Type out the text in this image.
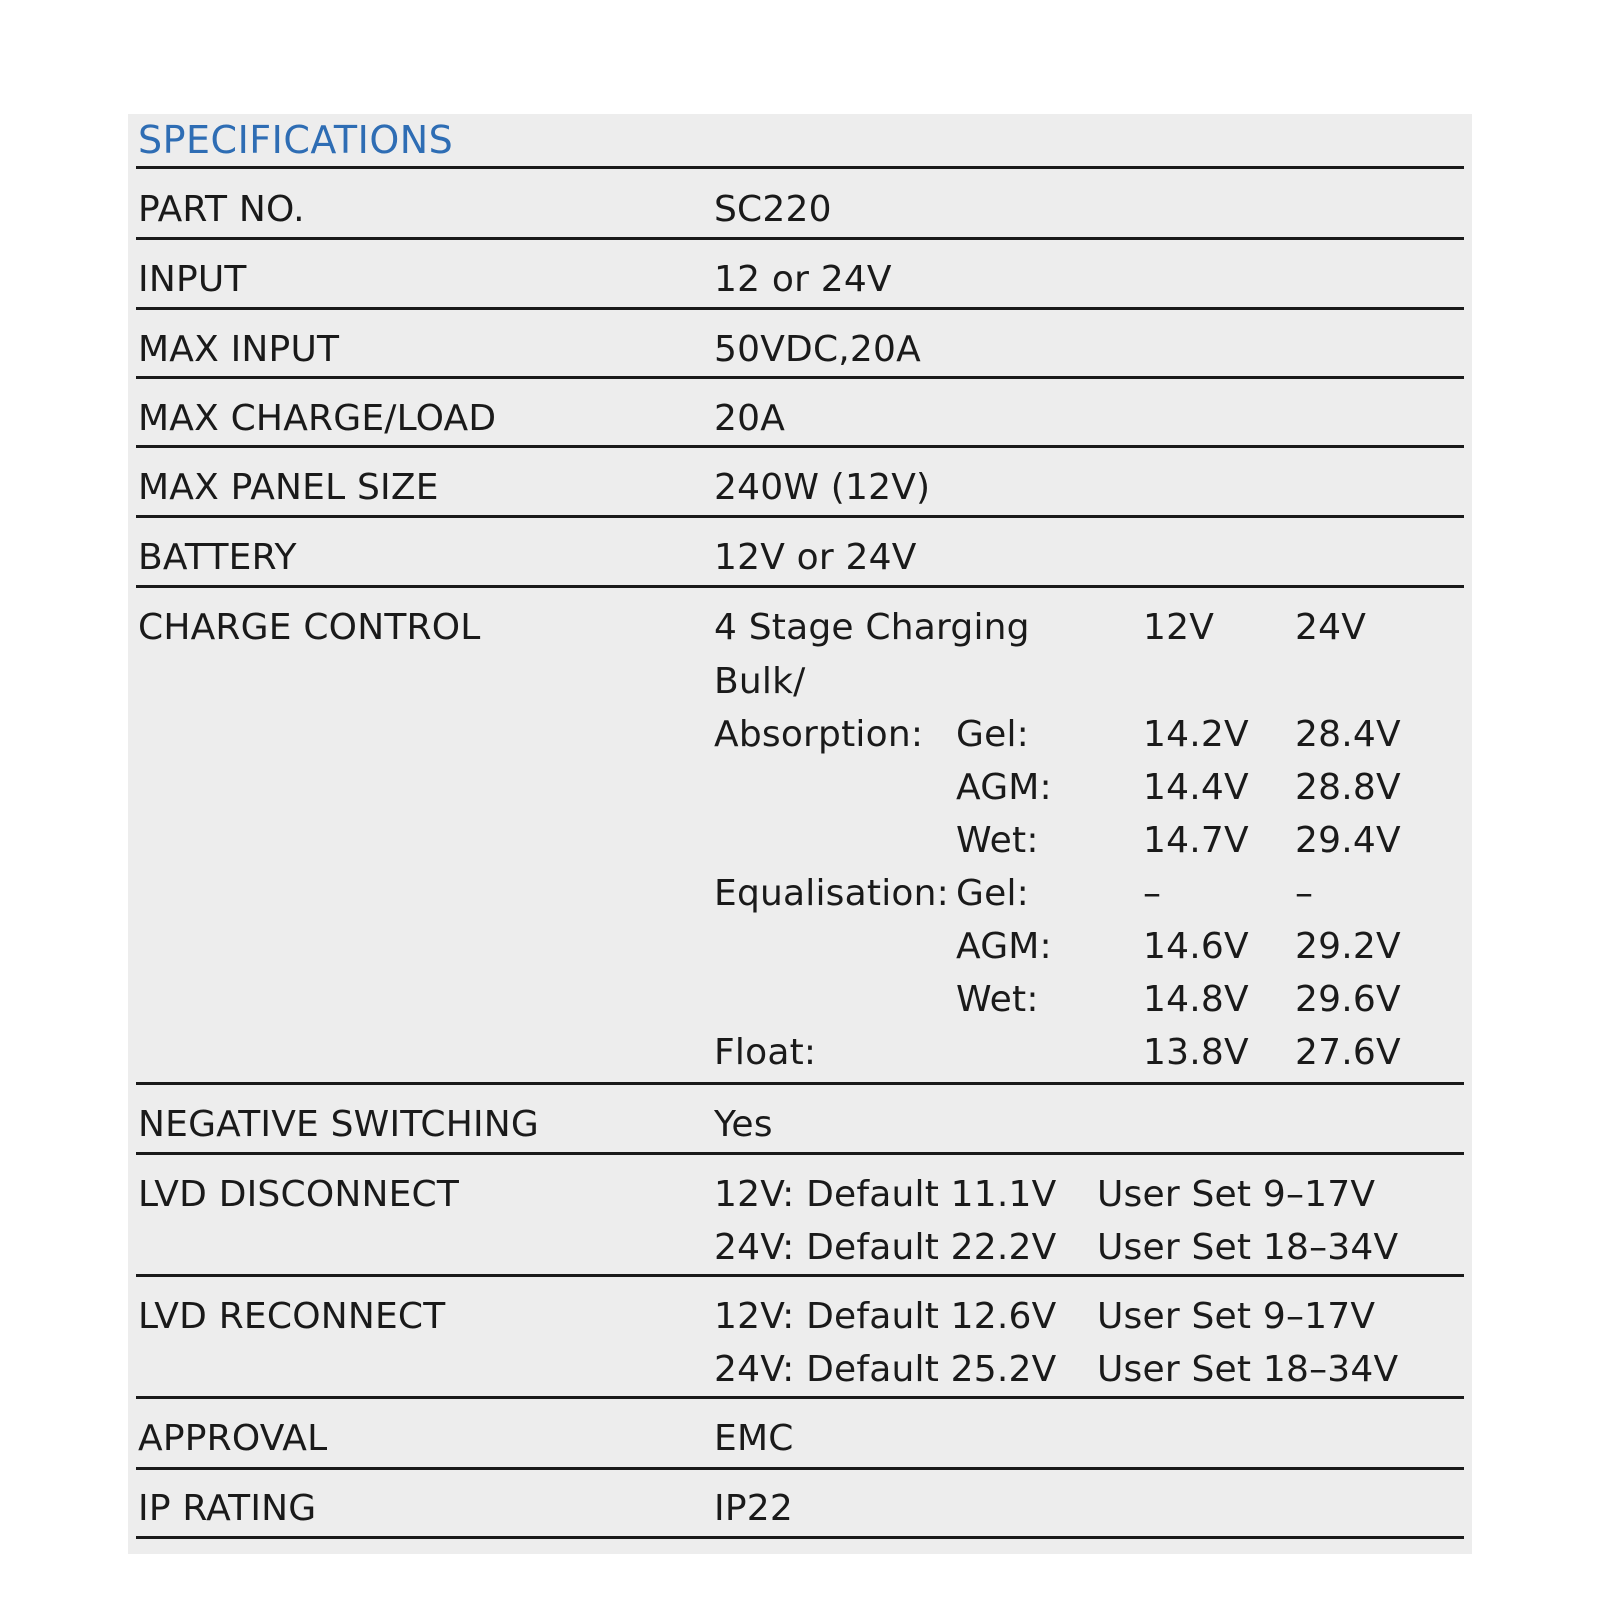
SPECIFICATIONS
PART NO.	SC220
INPUT	12 or 24V
MAX INPUT	50VDC,20A
MAX CHARGE/LOAD	20A
MAX PANEL SIZE	240W (12V)
BATTERY	12V or 24V
CHARGE CONTROL	4 Stage Charging	12V 24V
Bulk/
Absorption: Gel:	14.2V 28.4V
AGM:	14.4V 28.8V
Wet:	14.7V 29.4V
Equalisation: Gel:	–	–
AGM:	14.6V 29.2V
Wet:	14.8V 29.6V
Float:	13.8V 27.6V
NEGATIVE SWITCHING	Yes
LVD DISCONNECT	12V: Default 11.1V User Set 9–17V
24V: Default 22.2V User Set 18–34V
LVD RECONNECT	12V: Default 12.6V User Set 9–17V
24V: Default 25.2V User Set 18–34V
APPROVAL	EMC
IP RATING	IP22
